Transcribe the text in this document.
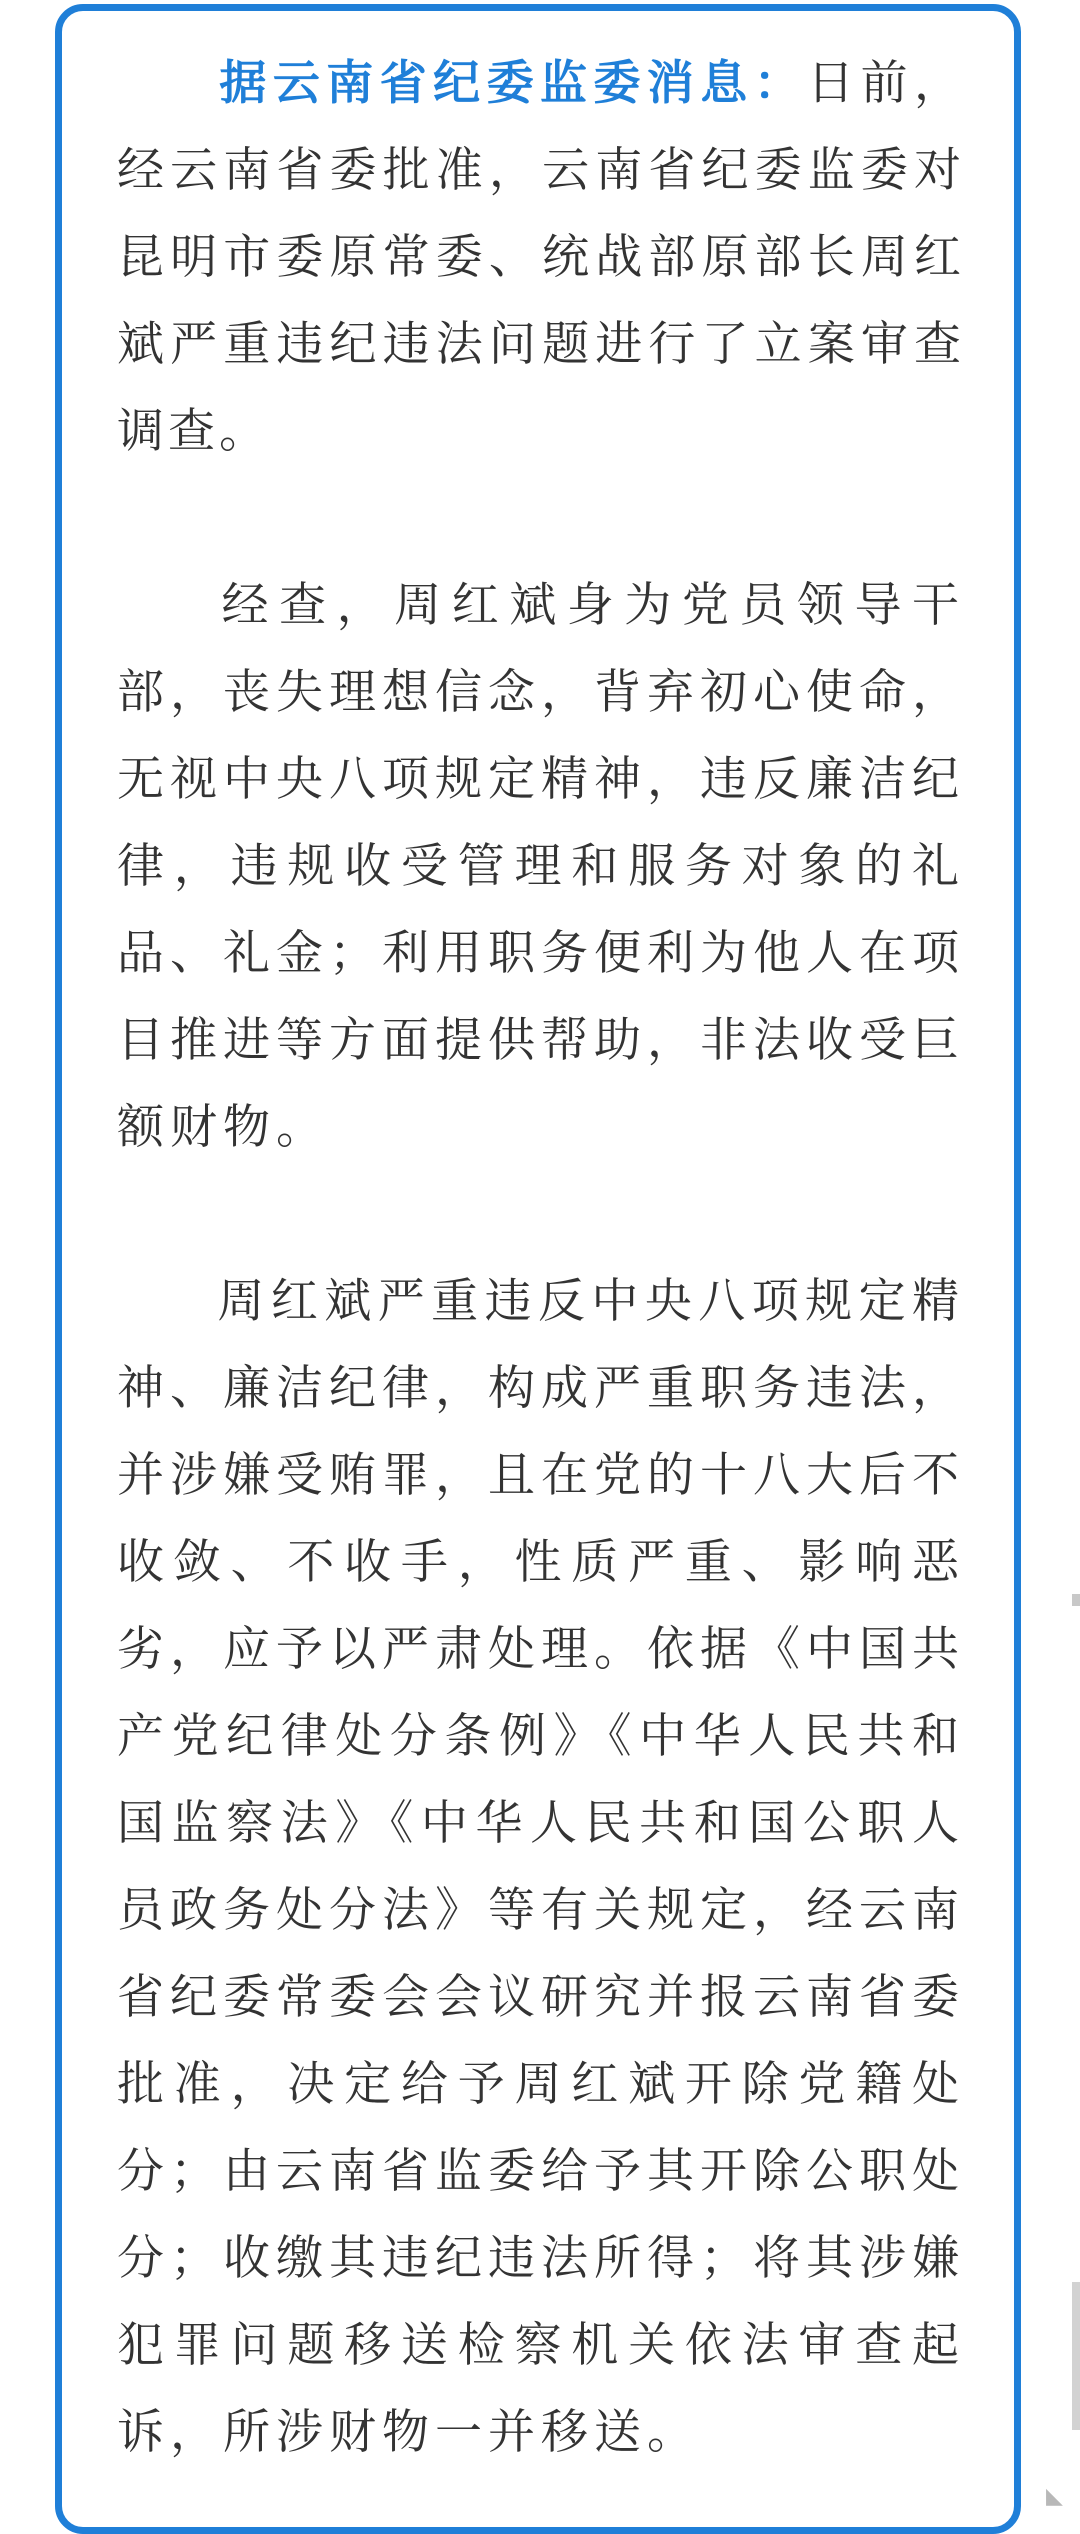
据云南省纪委监委消息：日前，经云南省委批准，云南省纪委监委对昆明市委原常委、统战部原部长周红斌严重违纪违法问题进行了立案审查调查。

经查，周红斌身为党员领导干部，丧失理想信念，背弃初心使命，无视中央八项规定精神，违反廉洁纪律，违规收受管理和服务对象的礼品、礼金；利用职务便利为他人在项目推进等方面提供帮助，非法收受巨额财物。

周红斌严重违反中央八项规定精神、廉洁纪律，构成严重职务违法，并涉嫌受贿罪，且在党的十八大后不收敛、不收手，性质严重、影响恶劣，应予以严肃处理。依据《中国共产党纪律处分条例》《中华人民共和国监察法》《中华人民共和国公职人员政务处分法》等有关规定，经云南省纪委常委会会议研究并报云南省委批准，决定给予周红斌开除党籍处分；由云南省监委给予其开除公职处分；收缴其违纪违法所得；将其涉嫌犯罪问题移送检察机关依法审查起诉，所涉财物一并移送。

◣
